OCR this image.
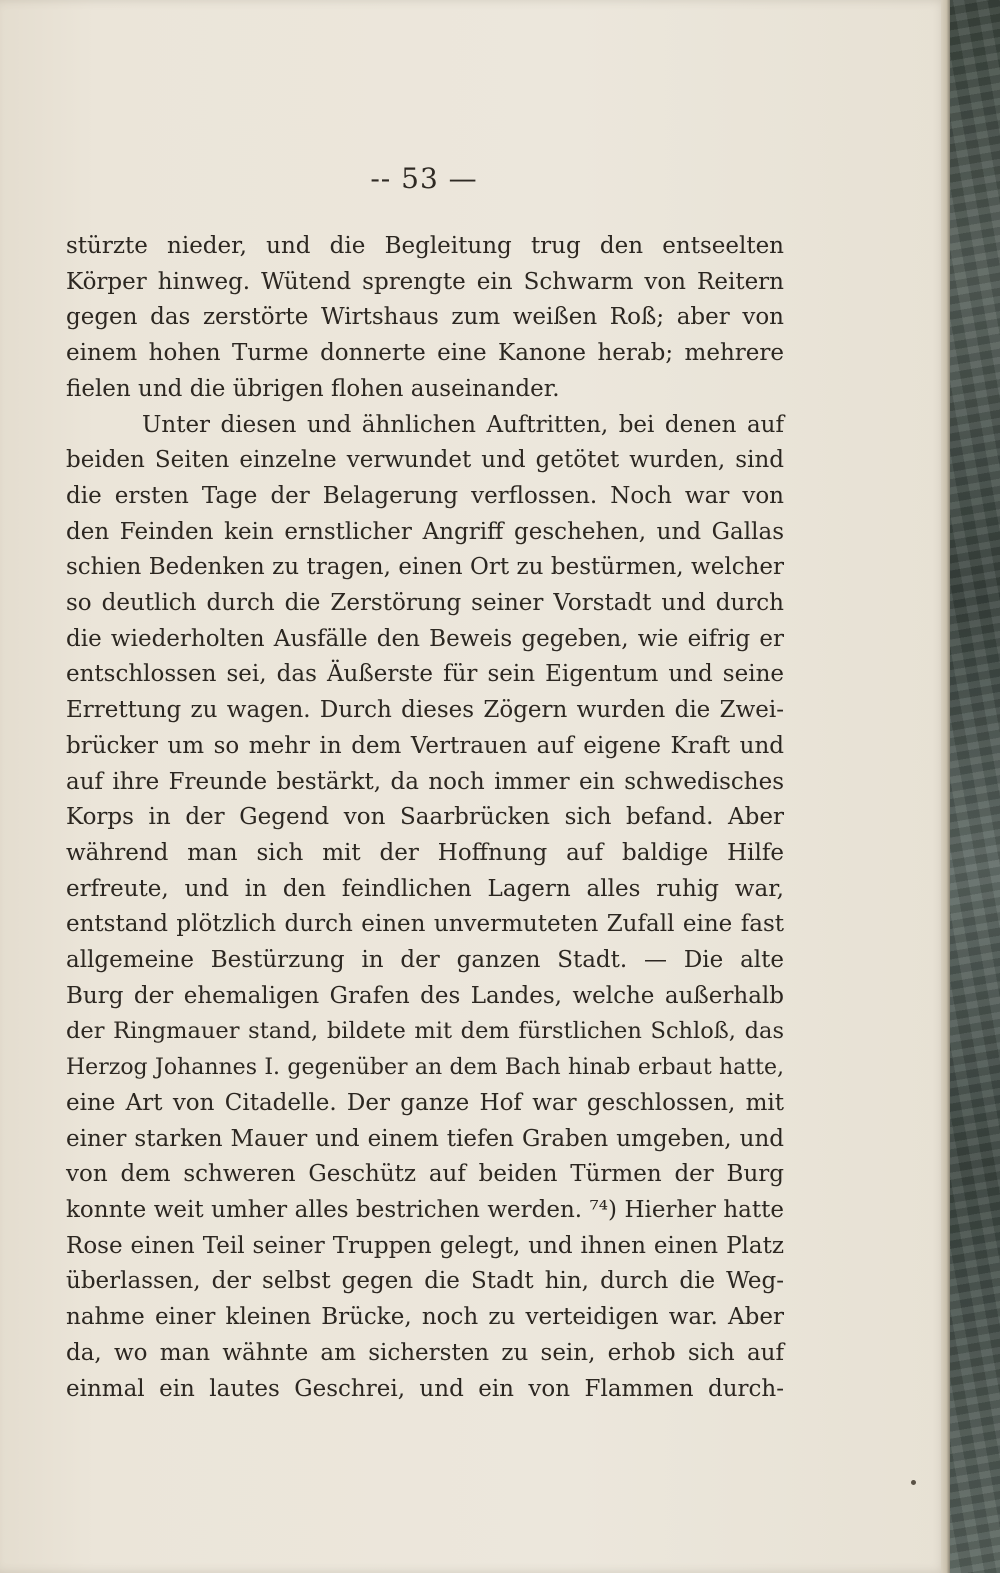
-- 53 —
stürzte nieder, und die Begleitung trug den entseelten
Körper hinweg. Wütend sprengte ein Schwarm von Reitern
gegen das zerstörte Wirtshaus zum weißen Roß; aber von
einem hohen Turme donnerte eine Kanone herab; mehrere
fielen und die übrigen flohen auseinander.
Unter diesen und ähnlichen Auftritten, bei denen auf
beiden Seiten einzelne verwundet und getötet wurden, sind
die ersten Tage der Belagerung verflossen. Noch war von
den Feinden kein ernstlicher Angriff geschehen, und Gallas
schien Bedenken zu tragen, einen Ort zu bestürmen, welcher
so deutlich durch die Zerstörung seiner Vorstadt und durch
die wiederholten Ausfälle den Beweis gegeben, wie eifrig er
entschlossen sei, das Äußerste für sein Eigentum und seine
Errettung zu wagen. Durch dieses Zögern wurden die Zwei-
brücker um so mehr in dem Vertrauen auf eigene Kraft und
auf ihre Freunde bestärkt, da noch immer ein schwedisches
Korps in der Gegend von Saarbrücken sich befand. Aber
während man sich mit der Hoffnung auf baldige Hilfe
erfreute, und in den feindlichen Lagern alles ruhig war,
entstand plötzlich durch einen unvermuteten Zufall eine fast
allgemeine Bestürzung in der ganzen Stadt. — Die alte
Burg der ehemaligen Grafen des Landes, welche außerhalb
der Ringmauer stand, bildete mit dem fürstlichen Schloß, das
Herzog Johannes I. gegenüber an dem Bach hinab erbaut hatte,
eine Art von Citadelle. Der ganze Hof war geschlossen, mit
einer starken Mauer und einem tiefen Graben umgeben, und
von dem schweren Geschütz auf beiden Türmen der Burg
konnte weit umher alles bestrichen werden. ⁷⁴) Hierher hatte
Rose einen Teil seiner Truppen gelegt, und ihnen einen Platz
überlassen, der selbst gegen die Stadt hin, durch die Weg-
nahme einer kleinen Brücke, noch zu verteidigen war. Aber
da, wo man wähnte am sichersten zu sein, erhob sich auf
einmal ein lautes Geschrei, und ein von Flammen durch-
